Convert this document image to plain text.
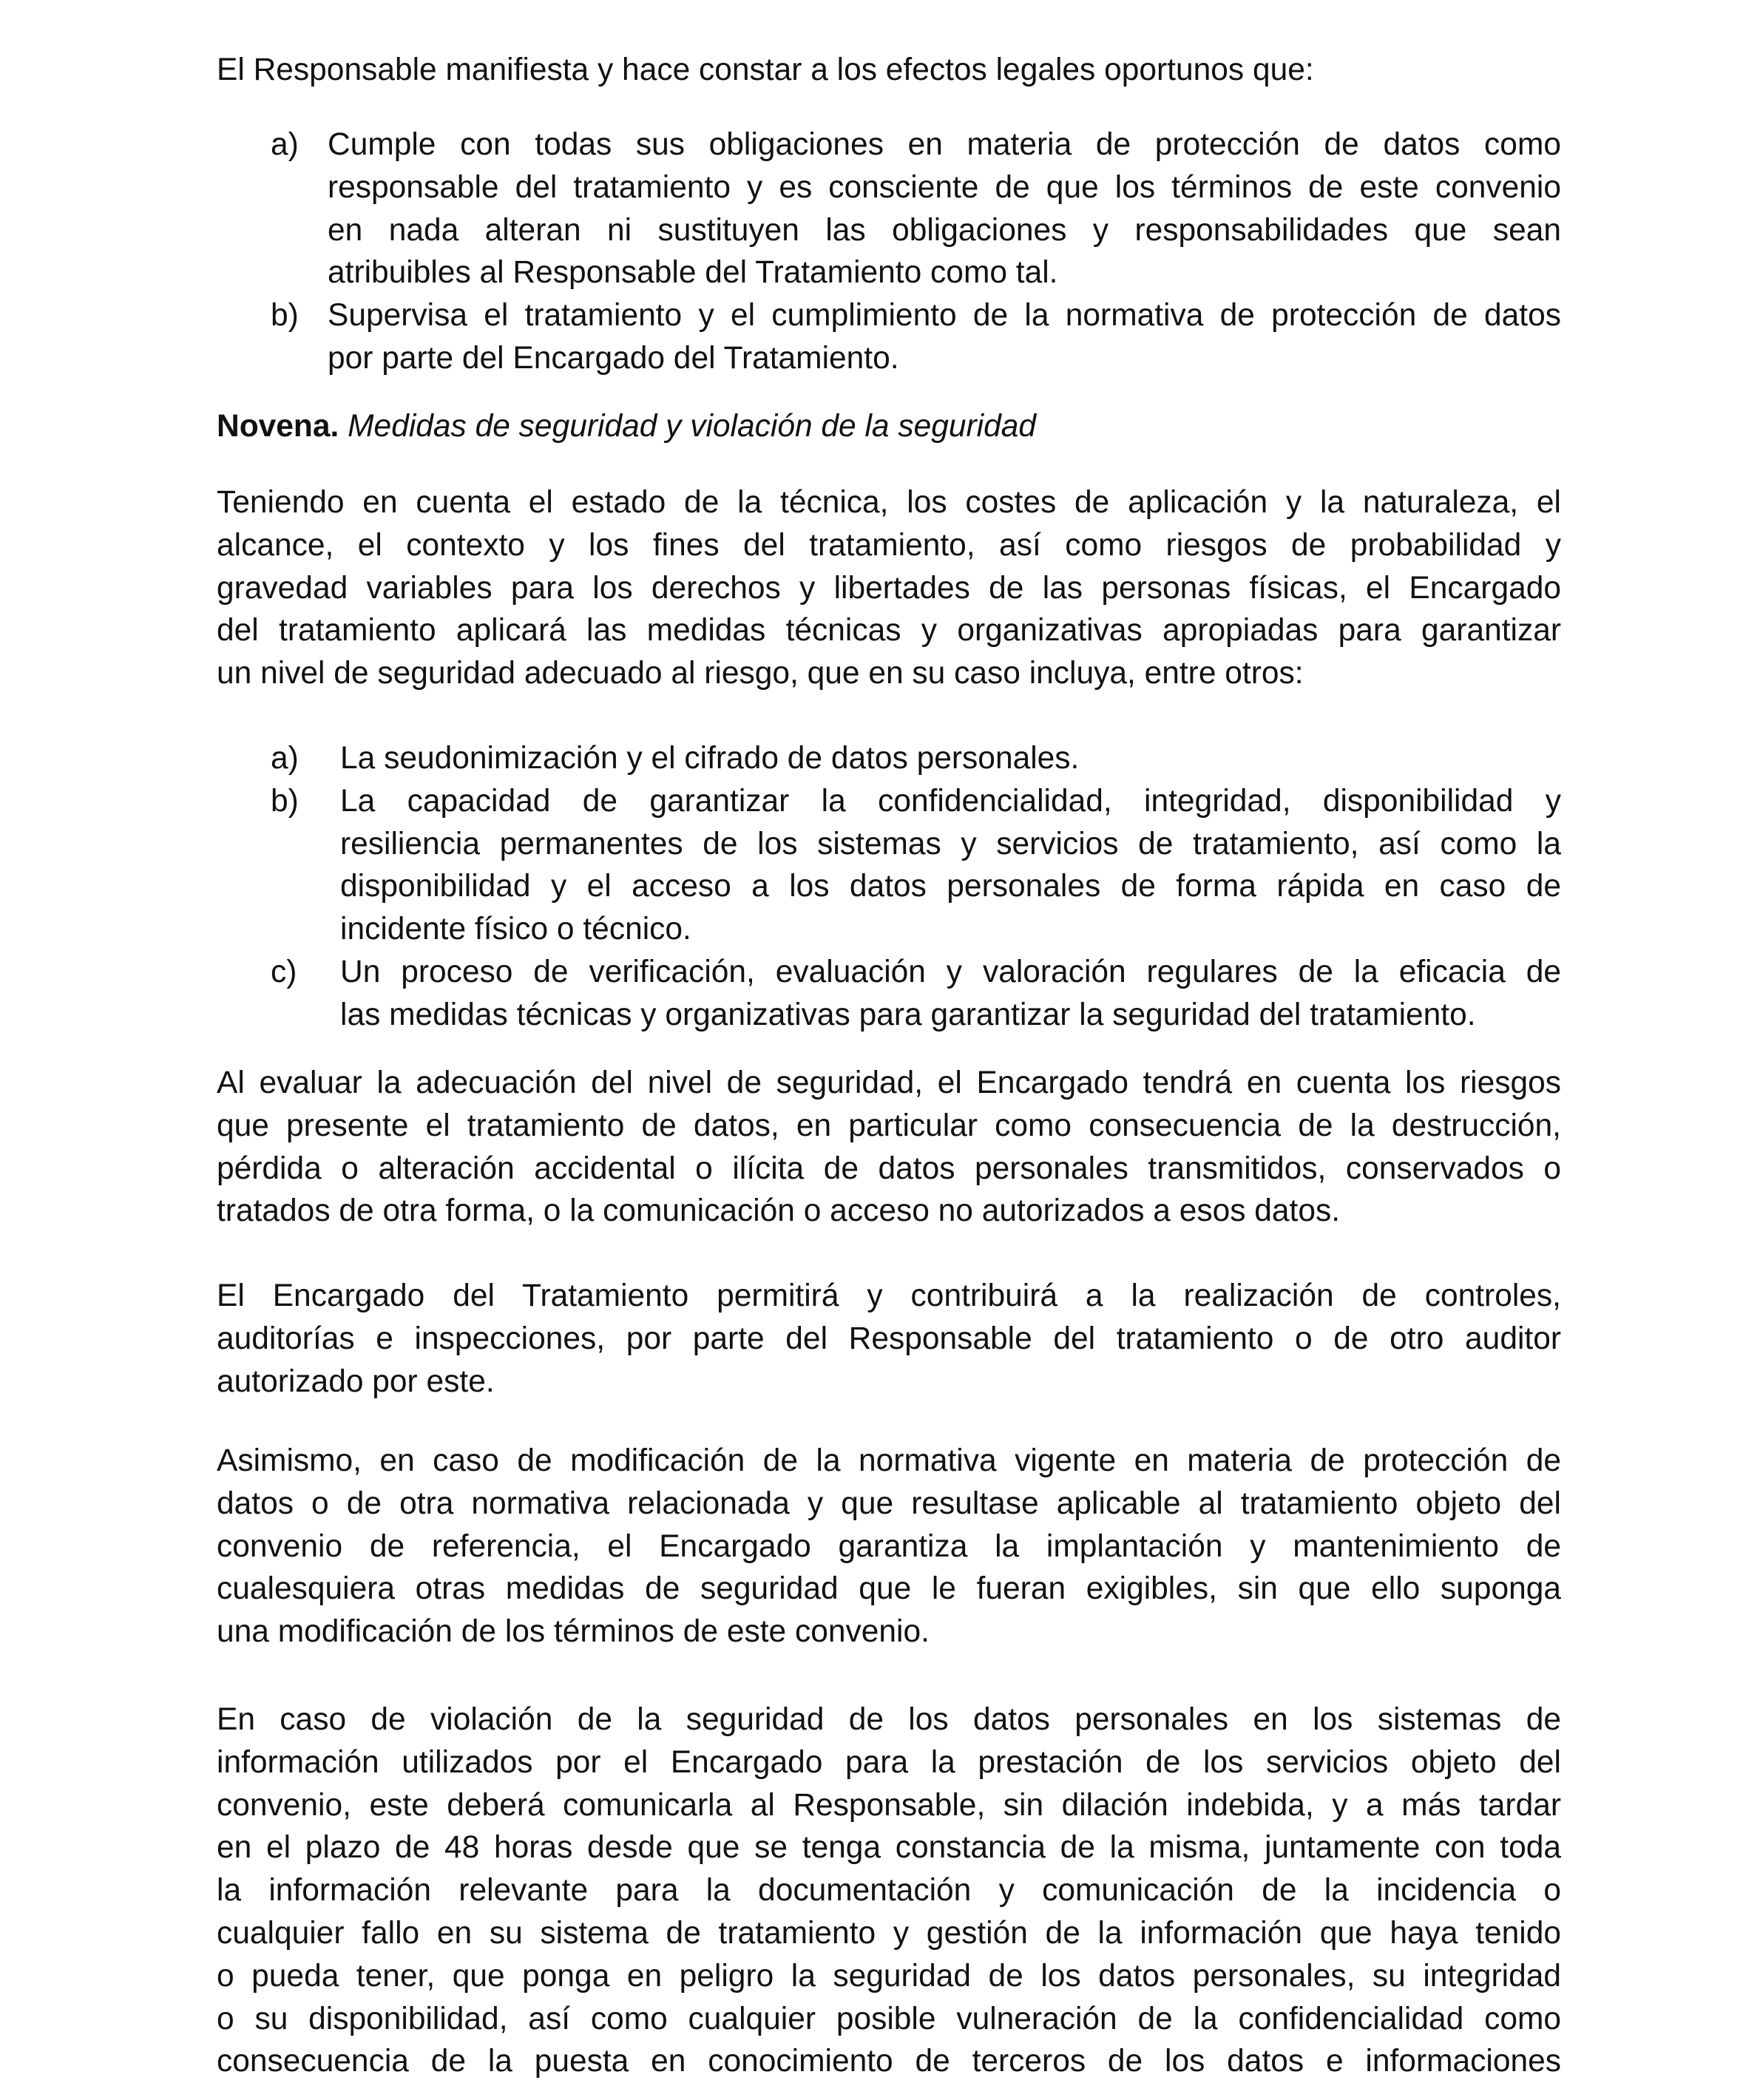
El Responsable manifiesta y hace constar a los efectos legales oportunos que:
a) Cumple con todas sus obligaciones en materia de protección de datos como
responsable del tratamiento y es consciente de que los términos de este convenio
en nada alteran ni sustituyen las obligaciones y responsabilidades que sean
atribuibles al Responsable del Tratamiento como tal.
b) Supervisa el tratamiento y el cumplimiento de la normativa de protección de datos
por parte del Encargado del Tratamiento.
Novena. Medidas de seguridad y violación de la seguridad
Teniendo en cuenta el estado de la técnica, los costes de aplicación y la naturaleza, el
alcance, el contexto y los fines del tratamiento, así como riesgos de probabilidad y
gravedad variables para los derechos y libertades de las personas físicas, el Encargado
del tratamiento aplicará las medidas técnicas y organizativas apropiadas para garantizar
un nivel de seguridad adecuado al riesgo, que en su caso incluya, entre otros:
a) La seudonimización y el cifrado de datos personales.
b) La capacidad de garantizar la confidencialidad, integridad, disponibilidad y
resiliencia permanentes de los sistemas y servicios de tratamiento, así como la
disponibilidad y el acceso a los datos personales de forma rápida en caso de
incidente físico o técnico.
c) Un proceso de verificación, evaluación y valoración regulares de la eficacia de
las medidas técnicas y organizativas para garantizar la seguridad del tratamiento.
Al evaluar la adecuación del nivel de seguridad, el Encargado tendrá en cuenta los riesgos
que presente el tratamiento de datos, en particular como consecuencia de la destrucción,
pérdida o alteración accidental o ilícita de datos personales transmitidos, conservados o
tratados de otra forma, o la comunicación o acceso no autorizados a esos datos.
El Encargado del Tratamiento permitirá y contribuirá a la realización de controles,
auditorías e inspecciones, por parte del Responsable del tratamiento o de otro auditor
autorizado por este.
Asimismo, en caso de modificación de la normativa vigente en materia de protección de
datos o de otra normativa relacionada y que resultase aplicable al tratamiento objeto del
convenio de referencia, el Encargado garantiza la implantación y mantenimiento de
cualesquiera otras medidas de seguridad que le fueran exigibles, sin que ello suponga
una modificación de los términos de este convenio.
En caso de violación de la seguridad de los datos personales en los sistemas de
información utilizados por el Encargado para la prestación de los servicios objeto del
convenio, este deberá comunicarla al Responsable, sin dilación indebida, y a más tardar
en el plazo de 48 horas desde que se tenga constancia de la misma, juntamente con toda
la información relevante para la documentación y comunicación de la incidencia o
cualquier fallo en su sistema de tratamiento y gestión de la información que haya tenido
o pueda tener, que ponga en peligro la seguridad de los datos personales, su integridad
o su disponibilidad, así como cualquier posible vulneración de la confidencialidad como
consecuencia de la puesta en conocimiento de terceros de los datos e informaciones
